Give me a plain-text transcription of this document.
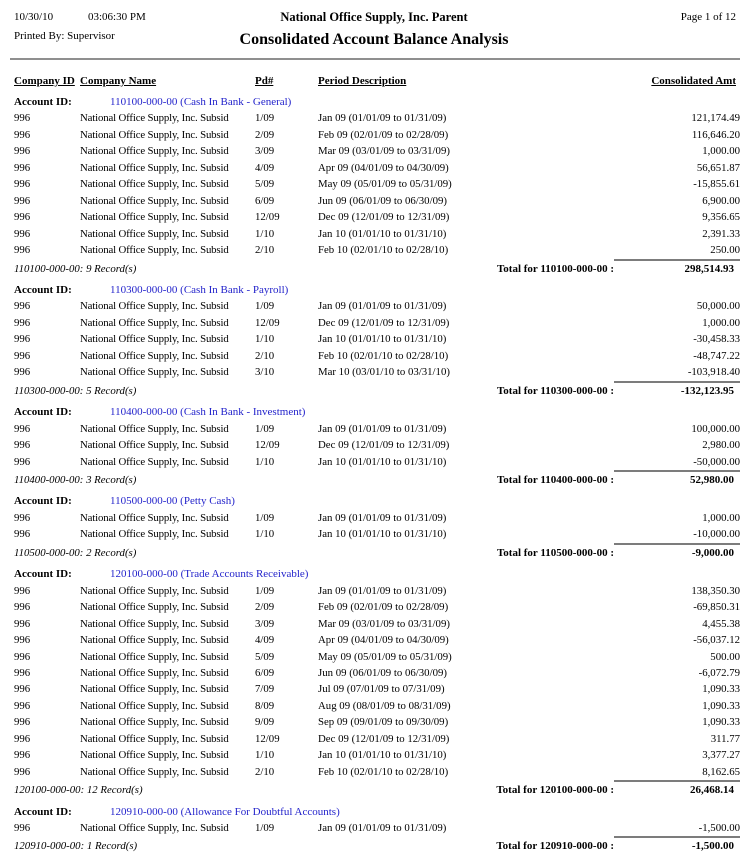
10/30/10	03:06:30 PM	National Office Supply, Inc. Parent	Page 1 of 12
Printed By: Supervisor	Consolidated Account Balance Analysis
Company ID Company Name	Pd#	Period Description	Consolidated Amt
Account ID:	110100-000-00 (Cash In Bank - General)
996	National Office Supply, Inc. Subsid	1/09	Jan 09 (01/01/09 to 01/31/09)	121,174.49
996	National Office Supply, Inc. Subsid	2/09	Feb 09 (02/01/09 to 02/28/09)	116,646.20
996	National Office Supply, Inc. Subsid	3/09	Mar 09 (03/01/09 to 03/31/09)	1,000.00
996	National Office Supply, Inc. Subsid	4/09	Apr 09 (04/01/09 to 04/30/09)	56,651.87
996	National Office Supply, Inc. Subsid	5/09	May 09 (05/01/09 to 05/31/09)	-15,855.61
996	National Office Supply, Inc. Subsid	6/09	Jun 09 (06/01/09 to 06/30/09)	6,900.00
996	National Office Supply, Inc. Subsid	12/09	Dec 09 (12/01/09 to 12/31/09)	9,356.65
996	National Office Supply, Inc. Subsid	1/10	Jan 10 (01/01/10 to 01/31/10)	2,391.33
996	National Office Supply, Inc. Subsid	2/10	Feb 10 (02/01/10 to 02/28/10)	250.00
110100-000-00: 9 Record(s)	Total for 110100-000-00 :	298,514.93
Account ID:	110300-000-00 (Cash In Bank - Payroll)
996	National Office Supply, Inc. Subsid	1/09	Jan 09 (01/01/09 to 01/31/09)	50,000.00
996	National Office Supply, Inc. Subsid	12/09	Dec 09 (12/01/09 to 12/31/09)	1,000.00
996	National Office Supply, Inc. Subsid	1/10	Jan 10 (01/01/10 to 01/31/10)	-30,458.33
996	National Office Supply, Inc. Subsid	2/10	Feb 10 (02/01/10 to 02/28/10)	-48,747.22
996	National Office Supply, Inc. Subsid	3/10	Mar 10 (03/01/10 to 03/31/10)	-103,918.40
110300-000-00: 5 Record(s)	Total for 110300-000-00 :	-132,123.95
Account ID:	110400-000-00 (Cash In Bank - Investment)
996	National Office Supply, Inc. Subsid	1/09	Jan 09 (01/01/09 to 01/31/09)	100,000.00
996	National Office Supply, Inc. Subsid	12/09	Dec 09 (12/01/09 to 12/31/09)	2,980.00
996	National Office Supply, Inc. Subsid	1/10	Jan 10 (01/01/10 to 01/31/10)	-50,000.00
110400-000-00: 3 Record(s)	Total for 110400-000-00 :	52,980.00
Account ID:	110500-000-00 (Petty Cash)
996	National Office Supply, Inc. Subsid	1/09	Jan 09 (01/01/09 to 01/31/09)	1,000.00
996	National Office Supply, Inc. Subsid	1/10	Jan 10 (01/01/10 to 01/31/10)	-10,000.00
110500-000-00: 2 Record(s)	Total for 110500-000-00 :	-9,000.00
Account ID:	120100-000-00 (Trade Accounts Receivable)
996	National Office Supply, Inc. Subsid	1/09	Jan 09 (01/01/09 to 01/31/09)	138,350.30
996	National Office Supply, Inc. Subsid	2/09	Feb 09 (02/01/09 to 02/28/09)	-69,850.31
996	National Office Supply, Inc. Subsid	3/09	Mar 09 (03/01/09 to 03/31/09)	4,455.38
996	National Office Supply, Inc. Subsid	4/09	Apr 09 (04/01/09 to 04/30/09)	-56,037.12
996	National Office Supply, Inc. Subsid	5/09	May 09 (05/01/09 to 05/31/09)	500.00
996	National Office Supply, Inc. Subsid	6/09	Jun 09 (06/01/09 to 06/30/09)	-6,072.79
996	National Office Supply, Inc. Subsid	7/09	Jul 09 (07/01/09 to 07/31/09)	1,090.33
996	National Office Supply, Inc. Subsid	8/09	Aug 09 (08/01/09 to 08/31/09)	1,090.33
996	National Office Supply, Inc. Subsid	9/09	Sep 09 (09/01/09 to 09/30/09)	1,090.33
996	National Office Supply, Inc. Subsid	12/09	Dec 09 (12/01/09 to 12/31/09)	311.77
996	National Office Supply, Inc. Subsid	1/10	Jan 10 (01/01/10 to 01/31/10)	3,377.27
996	National Office Supply, Inc. Subsid	2/10	Feb 10 (02/01/10 to 02/28/10)	8,162.65
120100-000-00: 12 Record(s)	Total for 120100-000-00 :	26,468.14
Account ID:	120910-000-00 (Allowance For Doubtful Accounts)
996	National Office Supply, Inc. Subsid	1/09	Jan 09 (01/01/09 to 01/31/09)	-1,500.00
120910-000-00: 1 Record(s)	Total for 120910-000-00 :	-1,500.00
